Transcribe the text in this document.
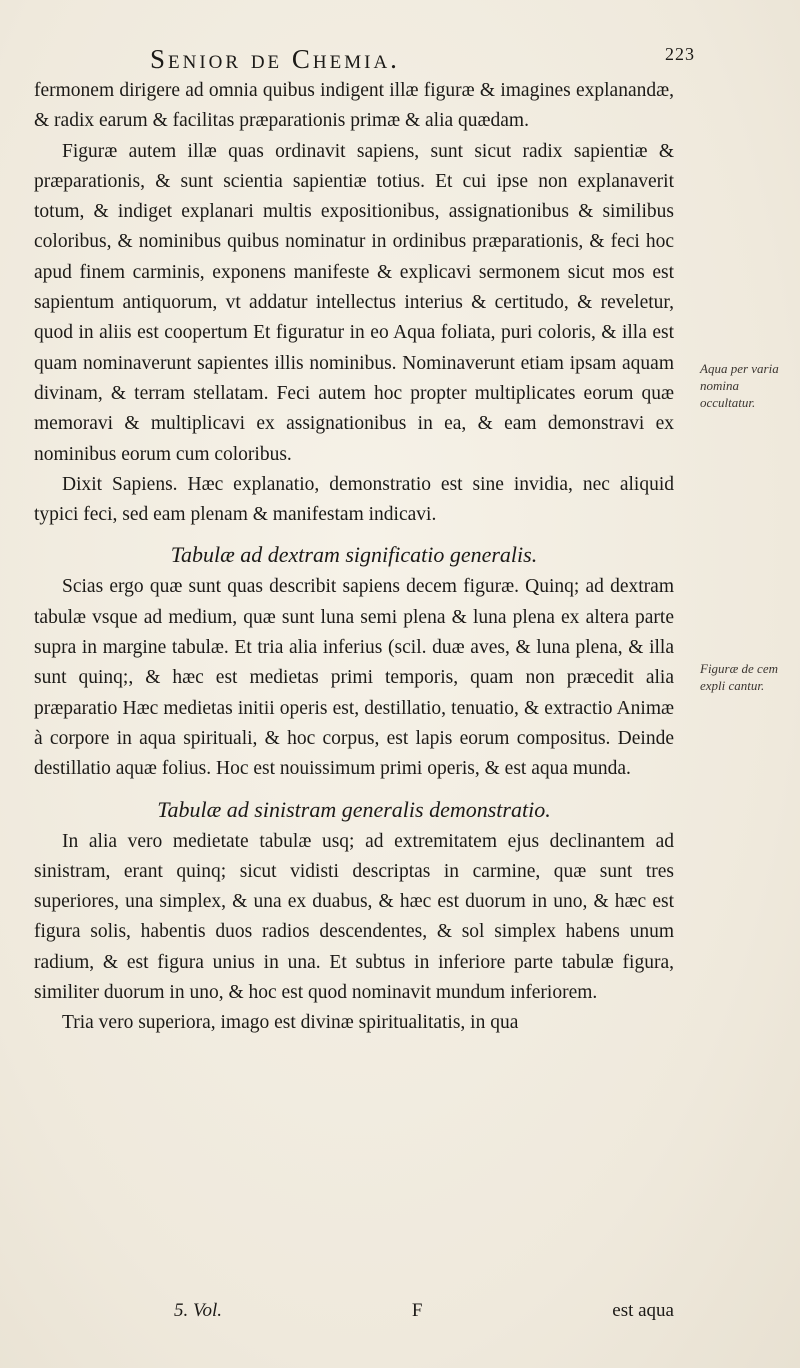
Senior de Chemia.	223

fermonem dirigere ad omnia quibus indigent illæ figuræ & imagines explanandæ, & radix earum & facilitas præparationis primæ & alia quædam.

Figuræ autem illæ quas ordinavit sapiens, sunt sicut radix sapientiæ & præparationis, & sunt scientia sapientiæ totius. Et cui ipse non explanaverit totum, & indiget explanari multis expositionibus, assignationibus & similibus coloribus, & nominibus quibus nominatur in ordinibus præparationis, & feci hoc apud finem carminis, exponens manifeste & explicavi sermonem sicut mos est sapientum antiquorum, vt addatur intellectus interius & certitudo, & reveletur, quod in aliis est coopertum Et figuratur in eo Aqua foliata, puri coloris, & illa est quam nominaverunt sapientes illis nominibus. Nominaverunt etiam ipsam aquam divinam, & terram stellatam. Feci autem hoc propter multiplicates eorum quæ memoravi & multiplicavi ex assignationibus in ea, & eam demonstravi ex nominibus eorum cum coloribus.

Dixit Sapiens. Hæc explanatio, demonstratio est sine invidia, nec aliquid typici feci, sed eam plenam & manifestam indicavi.

Tabulæ ad dextram significatio generalis.

Scias ergo quæ sunt quas describit sapiens decem figuræ. Quinq; ad dextram tabulæ vsque ad medium, quæ sunt luna semi plena & luna plena ex altera parte supra in margine tabulæ. Et tria alia inferius (scil. duæ aves, & luna plena, & illa sunt quinq;, & hæc est medietas primi temporis, quam non præcedit alia præparatio Hæc medietas initii operis est, destillatio, tenuatio, & extractio Animæ à corpore in aqua spirituali, & hoc corpus, est lapis eorum compositus. Deinde destillatio aquæ folius. Hoc est nouissimum primi operis, & est aqua munda.

Tabulæ ad sinistram generalis demonstratio.

In alia vero medietate tabulæ usq; ad extremitatem ejus declinantem ad sinistram, erant quinq; sicut vidisti descriptas in carmine, quæ sunt tres superiores, una simplex, & una ex duabus, & hæc est duorum in uno, & hæc est figura solis, habentis duos radios descendentes, & sol simplex habens unum radium, & est figura unius in una. Et subtus in inferiore parte tabulæ figura, similiter duorum in uno, & hoc est quod nominavit mundum inferiorem.

Tria vero superiora, imago est divinæ spiritualitatis, in qua

Aqua per varia nomina occultatur.
Figuræ de cem expli cantur.
5. Vol.	F	est aqua
